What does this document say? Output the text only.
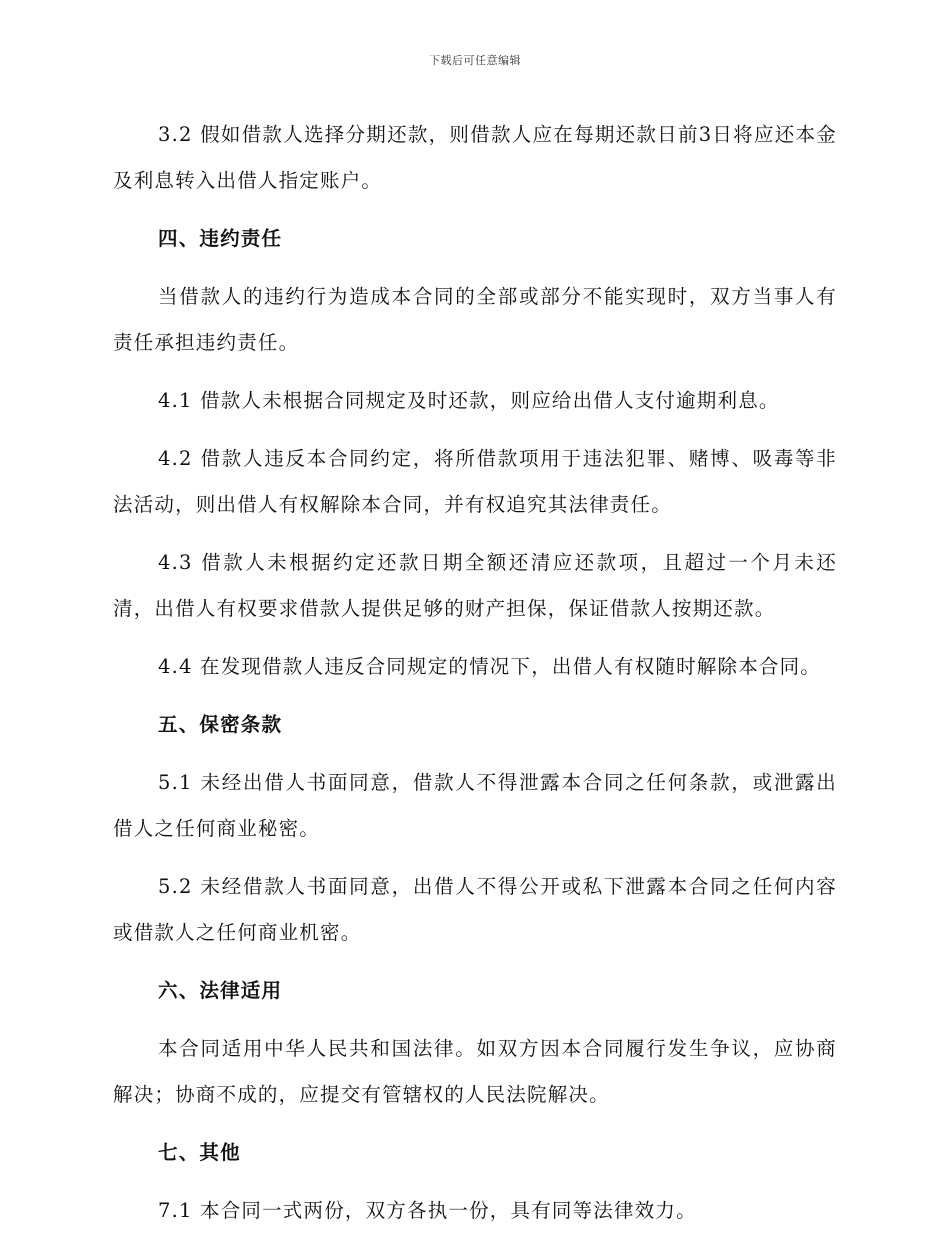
下载后可任意编辑

3.2 假如借款人选择分期还款，则借款人应在每期还款日前3日将应还本金及利息转入出借人指定账户。

四、违约责任

当借款人的违约行为造成本合同的全部或部分不能实现时，双方当事人有责任承担违约责任。

4.1 借款人未根据合同规定及时还款，则应给出借人支付逾期利息。

4.2 借款人违反本合同约定，将所借款项用于违法犯罪、赌博、吸毒等非法活动，则出借人有权解除本合同，并有权追究其法律责任。

4.3 借款人未根据约定还款日期全额还清应还款项，且超过一个月未还清，出借人有权要求借款人提供足够的财产担保，保证借款人按期还款。

4.4 在发现借款人违反合同规定的情况下，出借人有权随时解除本合同。

五、保密条款

5.1 未经出借人书面同意，借款人不得泄露本合同之任何条款，或泄露出借人之任何商业秘密。

5.2 未经借款人书面同意，出借人不得公开或私下泄露本合同之任何内容或借款人之任何商业机密。

六、法律适用

本合同适用中华人民共和国法律。如双方因本合同履行发生争议，应协商解决；协商不成的，应提交有管辖权的人民法院解决。

七、其他

7.1 本合同一式两份，双方各执一份，具有同等法律效力。
